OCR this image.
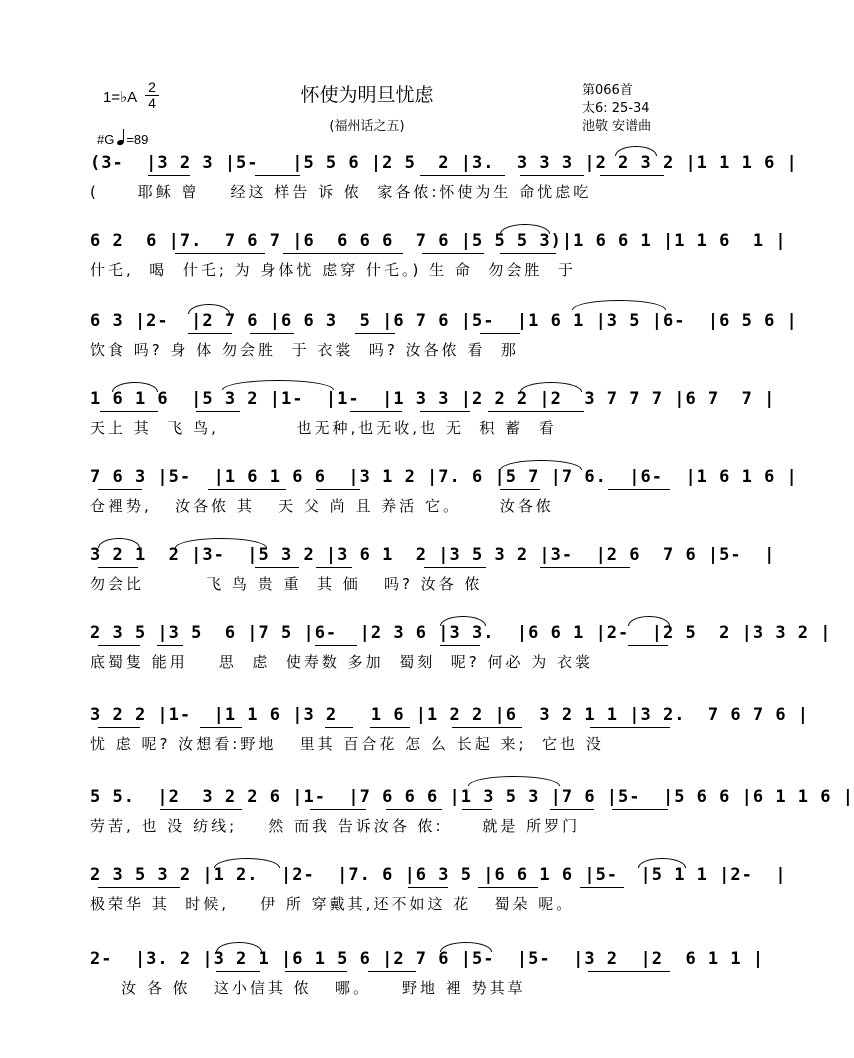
1=♭A
2
4	怀使为明旦忧虑
(福州话之五)
第066首
太6: 25-34
池敬 安谱曲
#G =89
(3-  |3 2 3 |5-   |5 5 6 |2 5  2 |3.  3 3 3 |2 2 3 2 |1 1 1 6 |
(     耶稣 曾    经这 样告 诉 侬  家各侬:怀使为生 命忧虑吃
6 2  6 |7.  7 6 7 |6  6 6 6  7 6 |5 5 5 3)|1 6 6 1 |1 1 6  1 |
什乇,  喝  什乇; 为 身体忧 虑穿 什乇。) 生 命  勿会胜  于
6 3 |2-  |2 7 6 |6 6 3  5 |6 7 6 |5-  |1 6 1 |3 5 |6-  |6 5 6 |
饮食 吗? 身 体 勿会胜  于 衣裳  吗? 汝各侬 看  那
1 6 1 6  |5 3 2 |1-  |1-  |1 3 3 |2 2 2 |2  3 7 7 7 |6 7  7 |
天上 其  飞 鸟,          也无种,也无收,也 无  积 蓄  看
7 6 3 |5-  |1 6 1 6 6  |3 1 2 |7. 6 |5 7 |7 6.  |6-  |1 6 1 6 |
仓裡势,   汝各侬 其   天 父 尚 且 养活 它。     汝各侬
3 2 1  2 |3-  |5 3 2 |3 6 1  2 |3 5 3 2 |3-  |2 6  7 6 |5-  |
勿会比        飞 鸟 贵 重  其 価   吗? 汝各 侬
2 3 5 |3 5  6 |7 5 |6-  |2 3 6 |3 3.  |6 6 1 |2-  |2 5  2 |3 3 2 |
底蜀隻 能用    思  虑  使寿数 多加  蜀刻  呢? 何必 为 衣裳
3 2 2 |1-  |1 1 6 |3 2   1 6 |1 2 2 |6  3 2 1 1 |3 2.  7 6 7 6 |
忧 虑 呢? 汝想看:野地   里其 百合花 怎 么 长起 来;  它也 没
5 5.  |2  3 2 2 6 |1-  |7 6 6 6 |1 3 5 3 |7 6 |5-  |5 6 6 |6 1 1 6 |
劳苦, 也 没 纺线;    然 而我 告诉汝各 侬:     就是 所罗门
2 3 5 3 2 |1 2.  |2-  |7. 6 |6 3 5 |6 6 1 6 |5-  |5 1 1 |2-  |
极荣华 其  时候,    伊 所 穿戴其,还不如这 花   蜀朵 呢。
2-  |3. 2 |3 2 1 |6 1 5 6 |2 7 6 |5-  |5-  |3 2  |2  6 1 1 |
汝 各 侬   这小信其 侬   哪。    野地 裡 势其草
